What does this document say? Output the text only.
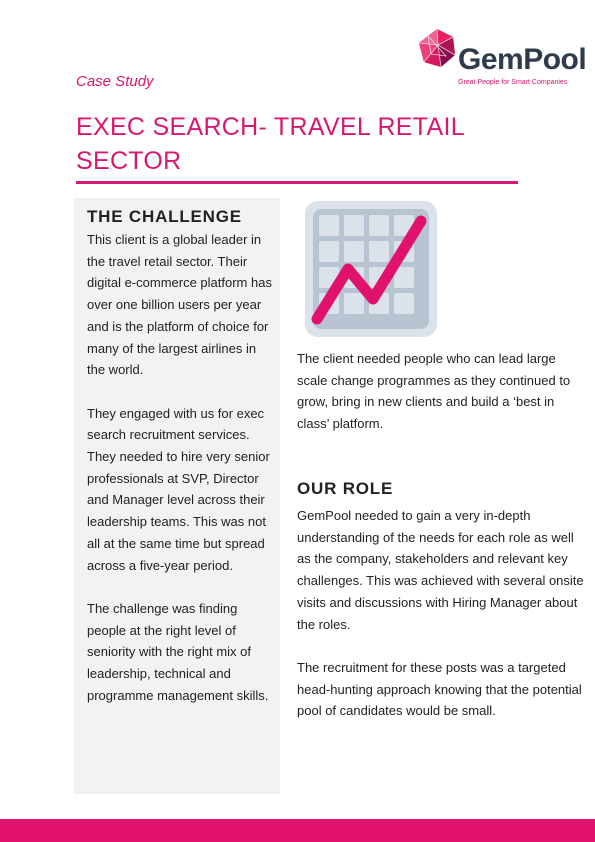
GemPool
Great People for Smart Companies
Case Study
EXEC SEARCH- TRAVEL RETAIL SECTOR
THE CHALLENGE

This client is a global leader in the travel retail sector. Their digital e-commerce platform has over one billion users per year and is the platform of choice for many of the largest airlines in the world.

They engaged with us for exec search recruitment services. They needed to hire very senior professionals at SVP, Director and Manager level across their leadership teams. This was not all at the same time but spread across a five-year period.

The challenge was finding people at the right level of seniority with the right mix of leadership, technical and programme management skills.

The client needed people who can lead large scale change programmes as they continued to grow, bring in new clients and build a ‘best in class’ platform.

OUR ROLE

GemPool needed to gain a very in-depth understanding of the needs for each role as well as the company, stakeholders and relevant key challenges. This was achieved with several onsite visits and discussions with Hiring Manager about the roles.

The recruitment for these posts was a targeted head-hunting approach knowing that the potential pool of candidates would be small.
